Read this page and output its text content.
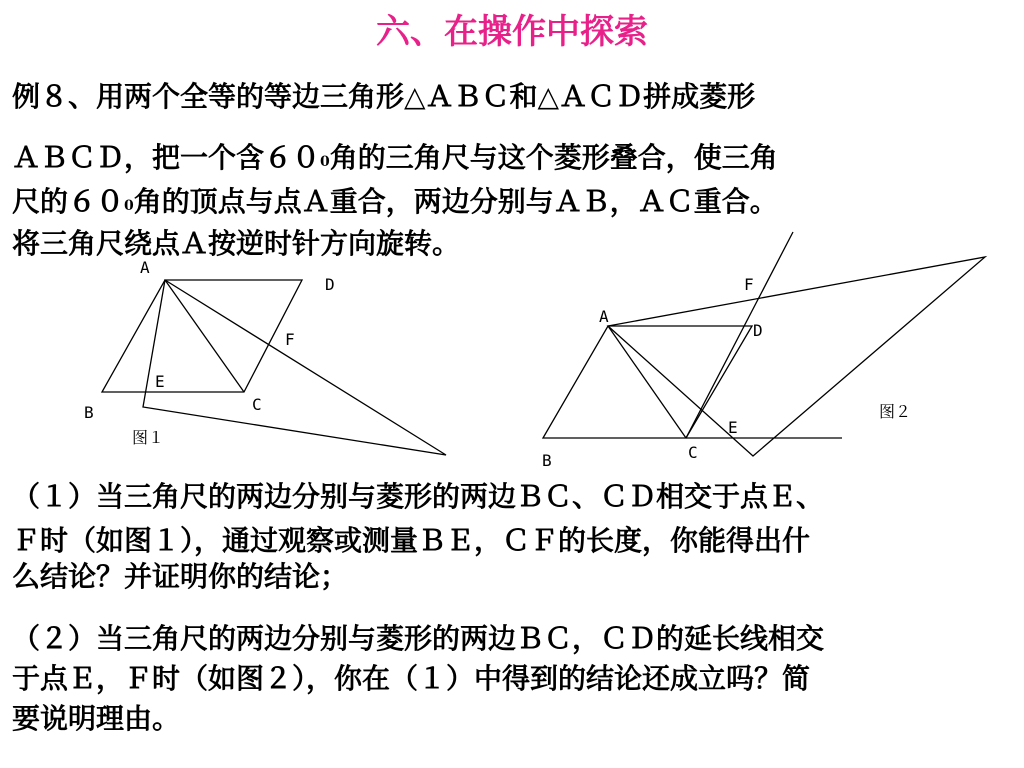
六、在操作中探索
例８、用两个全等的等边三角形△ＡＢＣ和△ＡＣＤ拼成菱形
ＡＢＣＤ，把一个含$60^0$角的三角尺与这个菱形叠合，使三角
尺的$60^0$角的顶点与点Ａ重合，两边分别与ＡＢ，ＡＣ重合。
将三角尺绕点Ａ按逆时针方向旋转。
A
D
F
E
B	C
图１
F
A
D
E
C
B
图２
（１）当三角尺的两边分别与菱形的两边ＢＣ、ＣＤ相交于点Ｅ、
Ｆ时（如图１），通过观察或测量ＢＥ，ＣＦ的长度，你能得出什
么结论？并证明你的结论；
（２）当三角尺的两边分别与菱形的两边ＢＣ，ＣＤ的延长线相交
于点Ｅ，Ｆ时（如图２），你在（１）中得到的结论还成立吗？简
要说明理由。
